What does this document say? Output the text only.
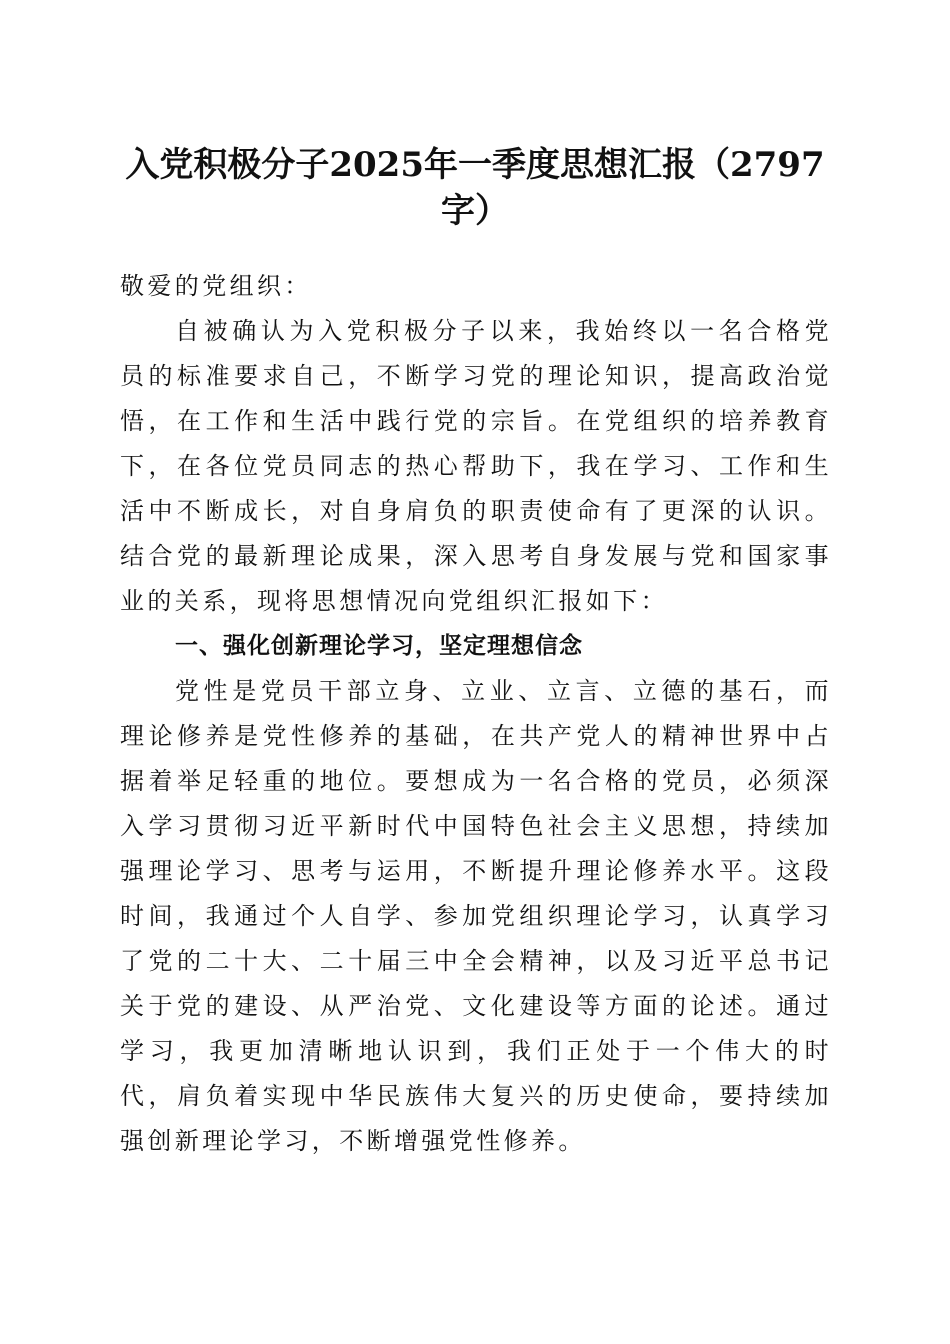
入党积极分子2025年一季度思想汇报（2797字）

敬爱的党组织：

自被确认为入党积极分子以来，我始终以一名合格党员的标准要求自己，不断学习党的理论知识，提高政治觉悟，在工作和生活中践行党的宗旨。在党组织的培养教育下，在各位党员同志的热心帮助下，我在学习、工作和生活中不断成长，对自身肩负的职责使命有了更深的认识。结合党的最新理论成果，深入思考自身发展与党和国家事业的关系，现将思想情况向党组织汇报如下：

一、强化创新理论学习，坚定理想信念

党性是党员干部立身、立业、立言、立德的基石，而理论修养是党性修养的基础，在共产党人的精神世界中占据着举足轻重的地位。要想成为一名合格的党员，必须深入学习贯彻习近平新时代中国特色社会主义思想，持续加强理论学习、思考与运用，不断提升理论修养水平。这段时间，我通过个人自学、参加党组织理论学习，认真学习了党的二十大、二十届三中全会精神，以及习近平总书记关于党的建设、从严治党、文化建设等方面的论述。通过学习，我更加清晰地认识到，我们正处于一个伟大的时代，肩负着实现中华民族伟大复兴的历史使命，要持续加强创新理论学习，不断增强党性修养。
